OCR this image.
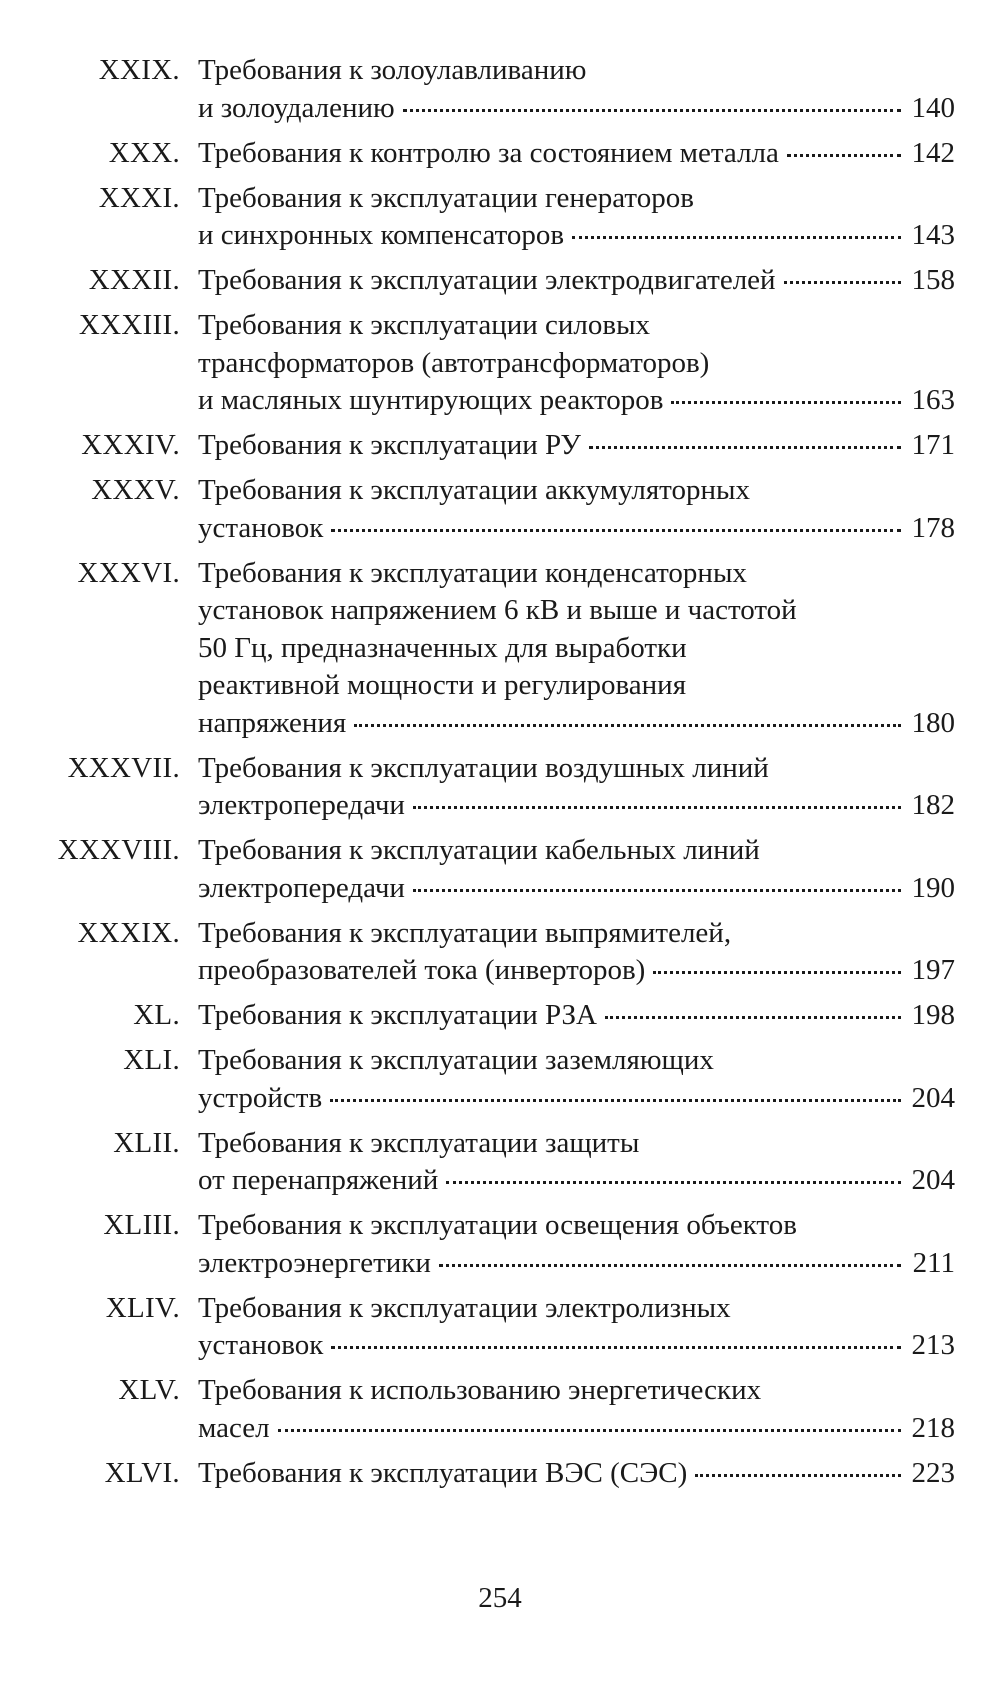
XXIX. Требования к золоулавливанию
и золоудалению	140
XXX. Требования к контролю за состоянием металла	142
XXXI. Требования к эксплуатации генераторов
и синхронных компенсаторов	143
XXXII. Требования к эксплуатации электродвигателей	158
XXXIII. Требования к эксплуатации силовых
трансформаторов (автотрансформаторов)
и масляных шунтирующих реакторов	163
XXXIV. Требования к эксплуатации РУ	171
XXXV. Требования к эксплуатации аккумуляторных
установок	178
XXXVI. Требования к эксплуатации конденсаторных
установок напряжением 6 кВ и выше и частотой
50 Гц, предназначенных для выработки
реактивной мощности и регулирования
напряжения	180
XXXVII. Требования к эксплуатации воздушных линий
электропередачи	182
XXXVIII. Требования к эксплуатации кабельных линий
электропередачи	190
XXXIX. Требования к эксплуатации выпрямителей,
преобразователей тока (инверторов)	197
XL. Требования к эксплуатации РЗА	198
XLI. Требования к эксплуатации заземляющих
устройств	204
XLII. Требования к эксплуатации защиты
от перенапряжений	204
XLIII. Требования к эксплуатации освещения объектов
электроэнергетики	211
XLIV. Требования к эксплуатации электролизных
установок	213
XLV. Требования к использованию энергетических
масел	218
XLVI. Требования к эксплуатации ВЭС (СЭС)	223
254
